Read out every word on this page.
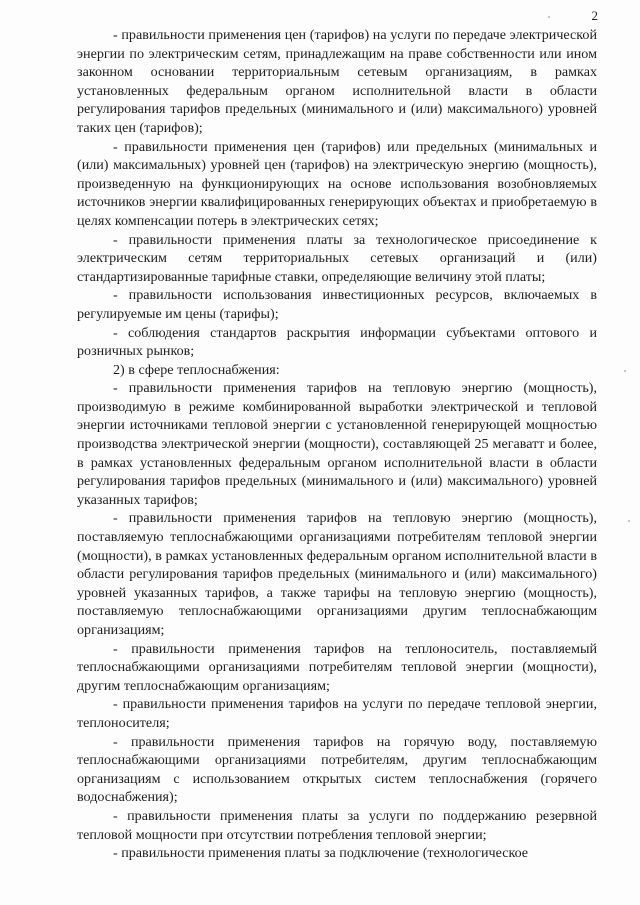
2

- правильности применения цен (тарифов) на услуги по передаче электрической энергии по электрическим сетям, принадлежащим на праве собственности или ином законном основании территориальным сетевым организациям, в рамках установленных федеральным органом исполнительной власти в области регулирования тарифов предельных (минимального и (или) максимального) уровней таких цен (тарифов);

- правильности применения цен (тарифов) или предельных (минимальных и (или) максимальных) уровней цен (тарифов) на электрическую энергию (мощность), произведенную на функционирующих на основе использования возобновляемых источников энергии квалифицированных генерирующих объектах и приобретаемую в целях компенсации потерь в электрических сетях;

- правильности применения платы за технологическое присоединение к электрическим сетям территориальных сетевых организаций и (или) стандартизированные тарифные ставки, определяющие величину этой платы;

- правильности использования инвестиционных ресурсов, включаемых в регулируемые им цены (тарифы);

- соблюдения стандартов раскрытия информации субъектами оптового и розничных рынков;

2) в сфере теплоснабжения:

- правильности применения тарифов на тепловую энергию (мощность), производимую в режиме комбинированной выработки электрической и тепловой энергии источниками тепловой энергии с установленной генерирующей мощностью производства электрической энергии (мощности), составляющей 25 мегаватт и более, в рамках установленных федеральным органом исполнительной власти в области регулирования тарифов предельных (минимального и (или) максимального) уровней указанных тарифов;

- правильности применения тарифов на тепловую энергию (мощность), поставляемую теплоснабжающими организациями потребителям тепловой энергии (мощности), в рамках установленных федеральным органом исполнительной власти в области регулирования тарифов предельных (минимального и (или) максимального) уровней указанных тарифов, а также тарифы на тепловую энергию (мощность), поставляемую теплоснабжающими организациями другим теплоснабжающим организациям;

- правильности применения тарифов на теплоноситель, поставляемый теплоснабжающими организациями потребителям тепловой энергии (мощности), другим теплоснабжающим организациям;

- правильности применения тарифов на услуги по передаче тепловой энергии, теплоносителя;

- правильности применения тарифов на горячую воду, поставляемую теплоснабжающими организациями потребителям, другим теплоснабжающим организациям с использованием открытых систем теплоснабжения (горячего водоснабжения);

- правильности применения платы за услуги по поддержанию резервной тепловой мощности при отсутствии потребления тепловой энергии;

- правильности применения платы за подключение (технологическое
